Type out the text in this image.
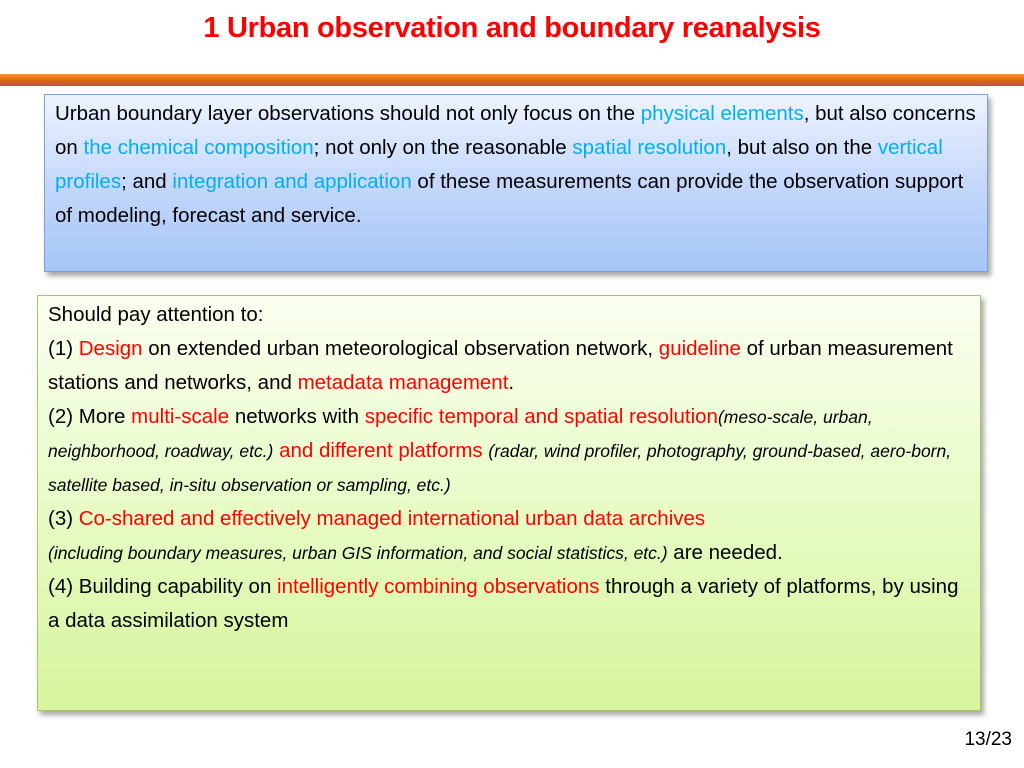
1 Urban observation and boundary reanalysis

Urban boundary layer observations should not only focus on the physical elements, but also concerns on the chemical composition; not only on the reasonable spatial resolution, but also on the vertical profiles; and integration and application of these measurements can provide the observation support of modeling, forecast and service.

Should pay attention to:

(1) Design on extended urban meteorological observation network, guideline of urban measurement stations and networks, and metadata management.

(2) More multi-scale networks with specific temporal and spatial resolution(meso-scale, urban, neighborhood, roadway, etc.) and different platforms (radar, wind profiler, photography, ground-based, aero-born, satellite based, in-situ observation or sampling, etc.)

(3) Co-shared and effectively managed international urban data archives
(including boundary measures, urban GIS information, and social statistics, etc.) are needed.

(4) Building capability on intelligently combining observations through a variety of platforms, by using a data assimilation system

13/23
